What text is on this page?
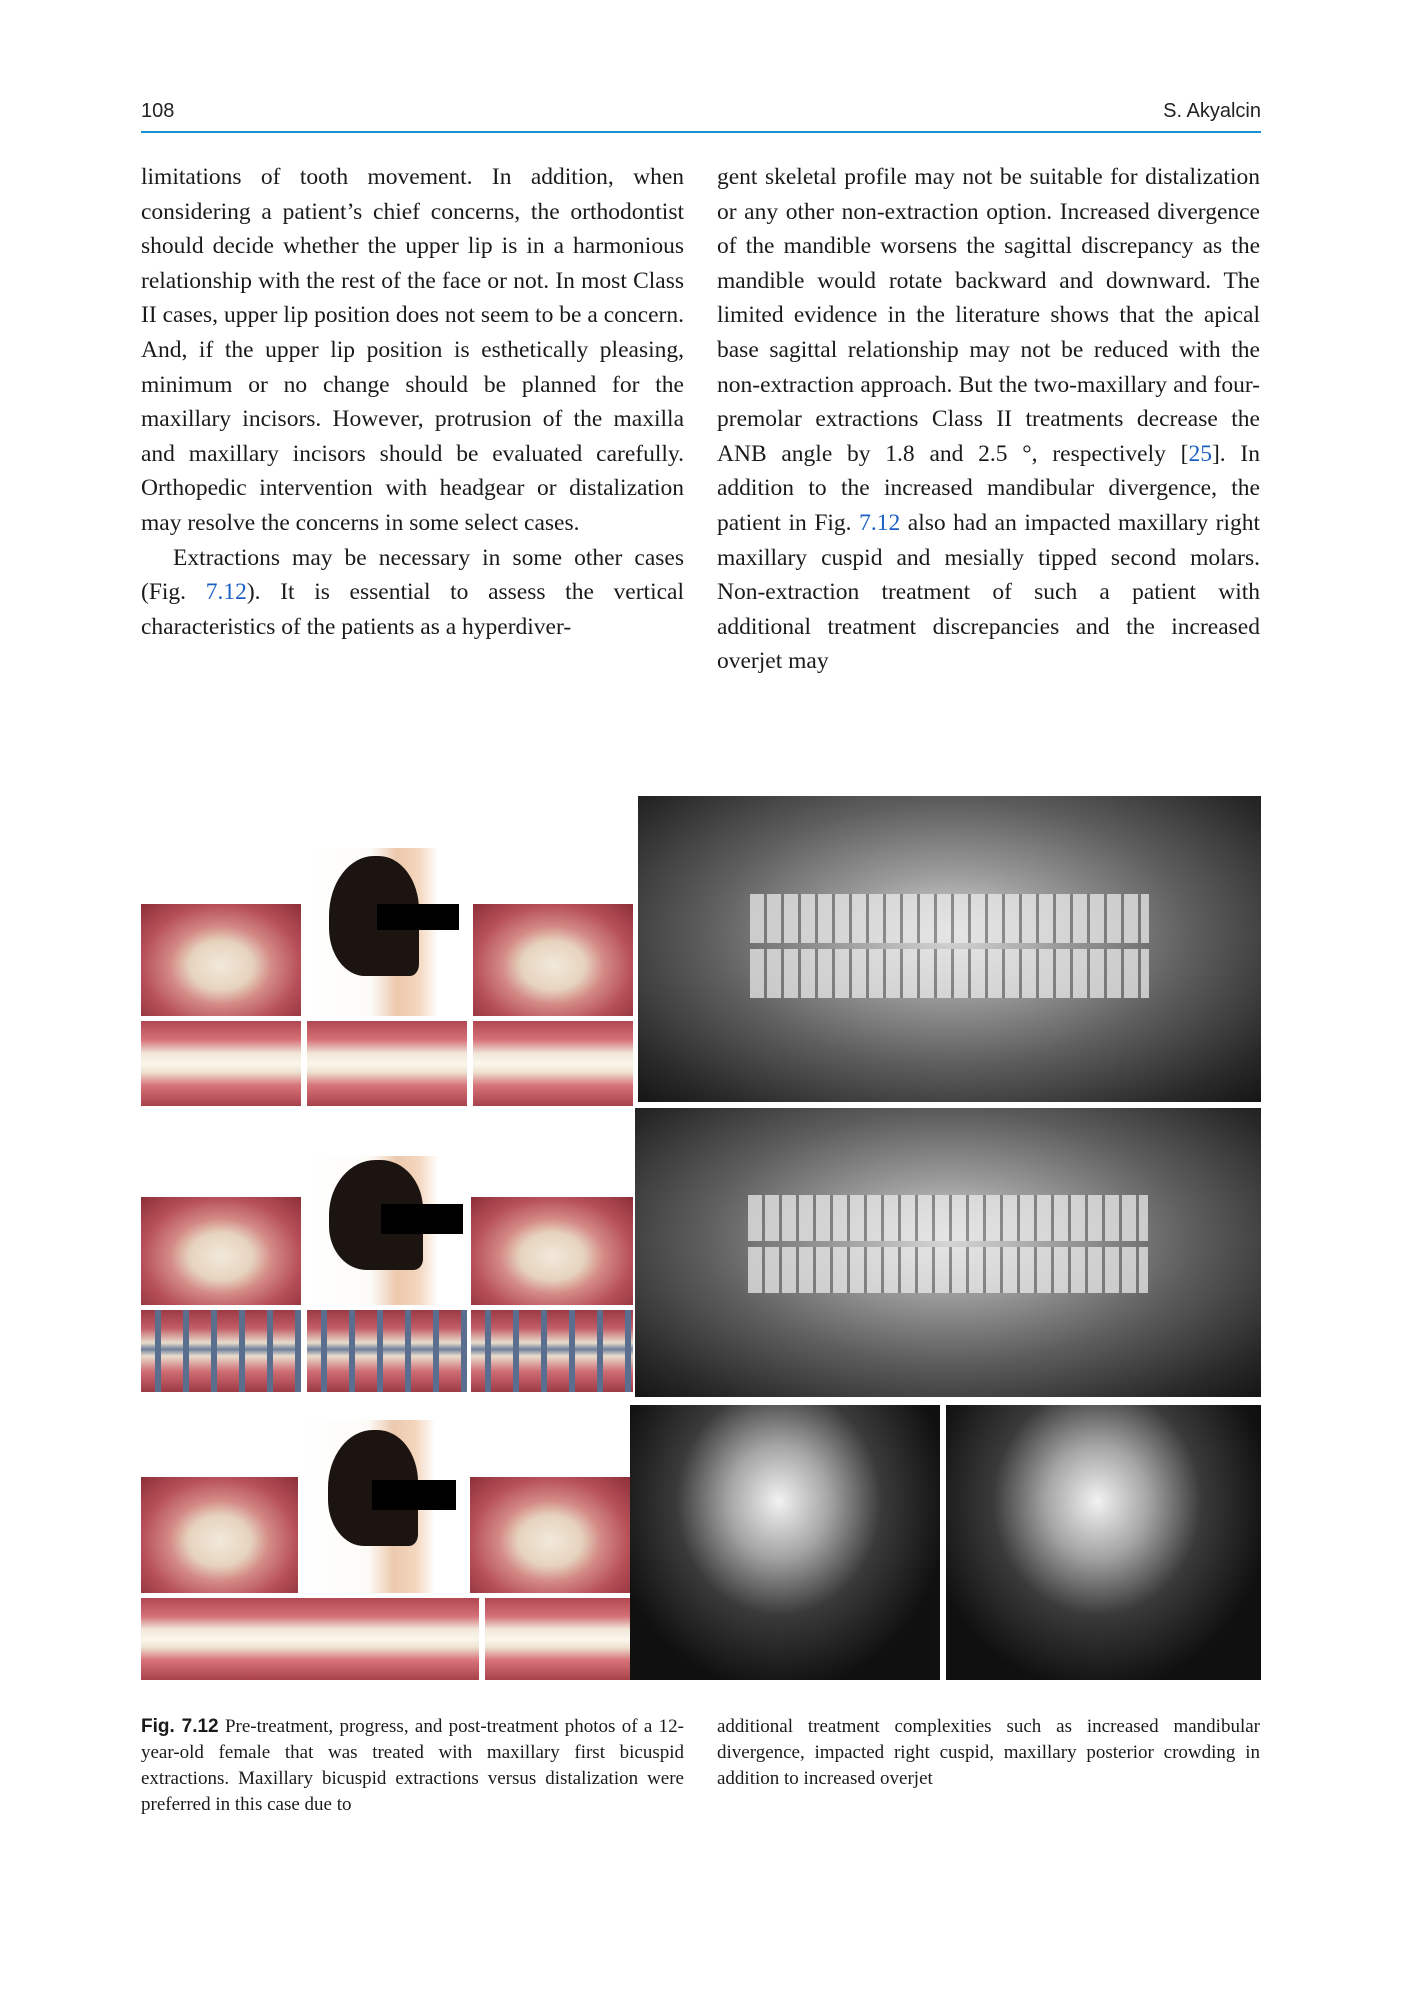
108	S. Akyalcin

limitations of tooth movement. In addition, when considering a patient’s chief concerns, the orthodontist should decide whether the upper lip is in a harmonious relationship with the rest of the face or not. In most Class II cases, upper lip position does not seem to be a concern. And, if the upper lip position is esthetically pleasing, minimum or no change should be planned for the maxillary incisors. However, protrusion of the maxilla and maxillary incisors should be evaluated carefully. Orthopedic intervention with headgear or distalization may resolve the concerns in some select cases.

Extractions may be necessary in some other cases (Fig. 7.12). It is essential to assess the vertical characteristics of the patients as a hyperdiver-

gent skeletal profile may not be suitable for distalization or any other non-extraction option. Increased divergence of the mandible worsens the sagittal discrepancy as the mandible would rotate backward and downward. The limited evidence in the literature shows that the apical base sagittal relationship may not be reduced with the non-extraction approach. But the two-maxillary and four-premolar extractions Class II treatments decrease the ANB angle by 1.8 and 2.5 °, respectively [25]. In addition to the increased mandibular divergence, the patient in Fig. 7.12 also had an impacted maxillary right maxillary cuspid and mesially tipped second molars. Non-extraction treatment of such a patient with additional treatment discrepancies and the increased overjet may

Fig. 7.12 Pre-treatment, progress, and post-treatment photos of a 12-year-old female that was treated with maxillary first bicuspid extractions. Maxillary bicuspid extractions versus distalization were preferred in this case due to
additional treatment complexities such as increased mandibular divergence, impacted right cuspid, maxillary posterior crowding in addition to increased overjet
